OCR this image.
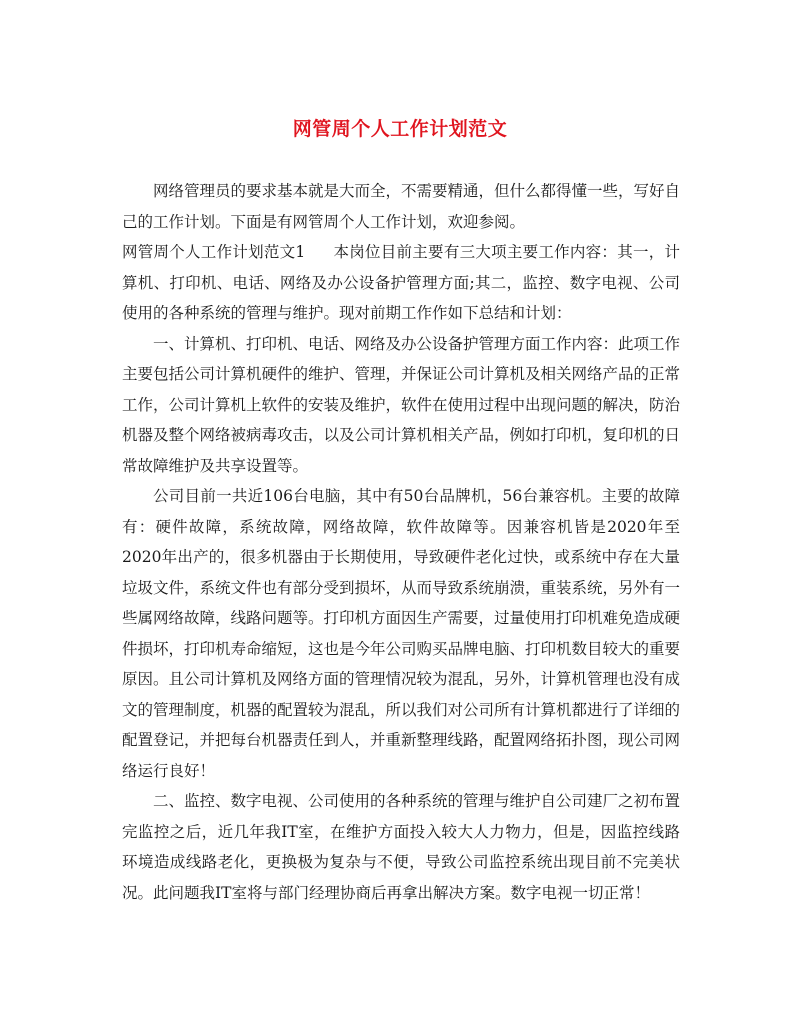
网管周个人工作计划范文

网络管理员的要求基本就是大而全，不需要精通，但什么都得懂一些，写好自己的工作计划。下面是有网管周个人工作计划，欢迎参阅。

网管周个人工作计划范文1 本岗位目前主要有三大项主要工作内容：其一，计算机、打印机、电话、网络及办公设备护管理方面;其二，监控、数字电视、公司使用的各种系统的管理与维护。现对前期工作作如下总结和计划：

一、计算机、打印机、电话、网络及办公设备护管理方面工作内容：此项工作主要包括公司计算机硬件的维护、管理，并保证公司计算机及相关网络产品的正常工作，公司计算机上软件的安装及维护，软件在使用过程中出现问题的解决，防治机器及整个网络被病毒攻击，以及公司计算机相关产品，例如打印机，复印机的日常故障维护及共享设置等。

公司目前一共近106台电脑，其中有50台品牌机，56台兼容机。主要的故障有：硬件故障，系统故障，网络故障，软件故障等。因兼容机皆是2020年至2020年出产的，很多机器由于长期使用，导致硬件老化过快，或系统中存在大量垃圾文件，系统文件也有部分受到损坏，从而导致系统崩溃，重装系统，另外有一些属网络故障，线路问题等。打印机方面因生产需要，过量使用打印机难免造成硬件损坏，打印机寿命缩短，这也是今年公司购买品牌电脑、打印机数目较大的重要原因。且公司计算机及网络方面的管理情况较为混乱，另外，计算机管理也没有成文的管理制度，机器的配置较为混乱，所以我们对公司所有计算机都进行了详细的配置登记，并把每台机器责任到人，并重新整理线路，配置网络拓扑图，现公司网络运行良好！

二、监控、数字电视、公司使用的各种系统的管理与维护自公司建厂之初布置完监控之后，近几年我IT室，在维护方面投入较大人力物力，但是，因监控线路环境造成线路老化，更换极为复杂与不便，导致公司监控系统出现目前不完美状况。此问题我IT室将与部门经理协商后再拿出解决方案。数字电视一切正常！
